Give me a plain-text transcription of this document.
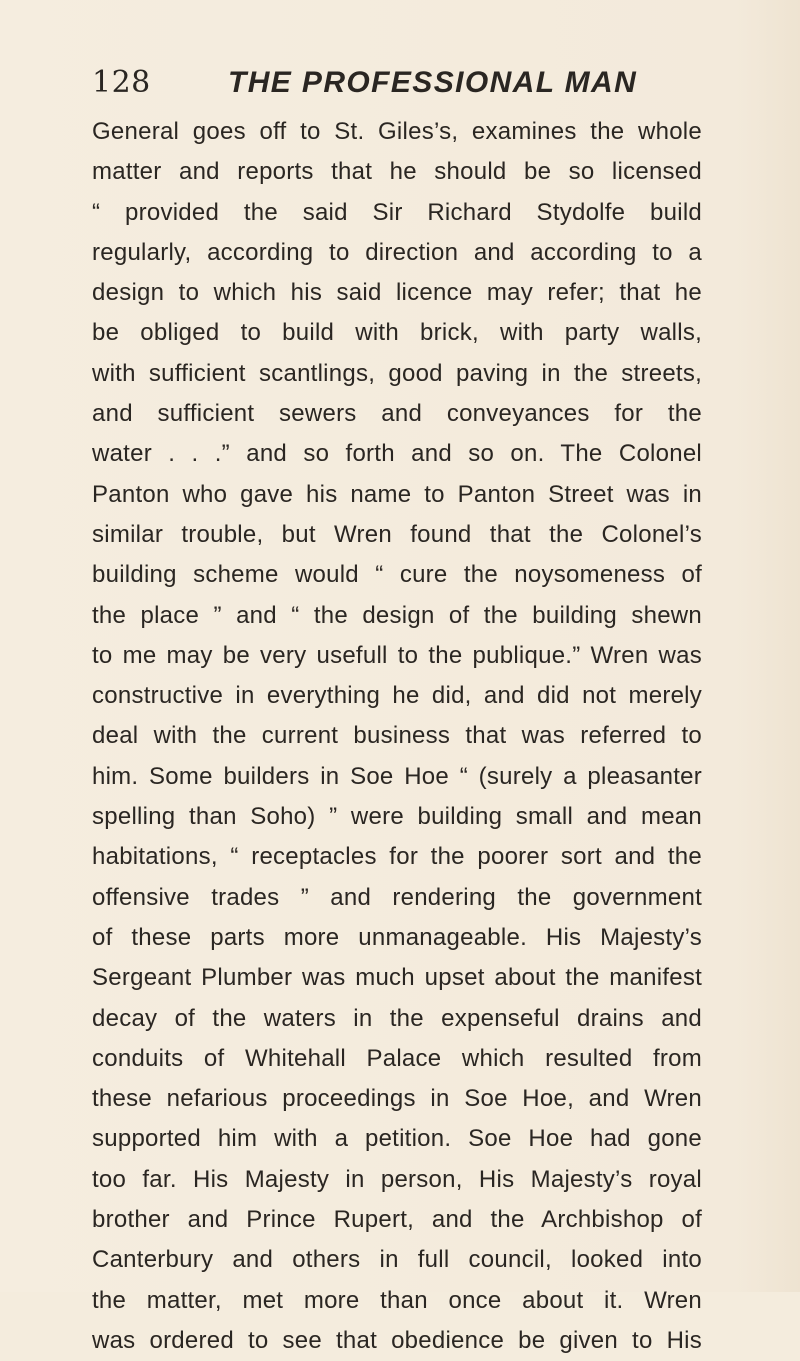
128	THE PROFESSIONAL MAN
General goes off to St. Giles’s, examines the whole
matter and reports that he should be so licensed
“ provided the said Sir Richard Stydolfe build
regularly, according to direction and according to a
design to which his said licence may refer; that he
be obliged to build with brick, with party walls,
with sufficient scantlings, good paving in the streets,
and sufficient sewers and conveyances for the
water . . .” and so forth and so on. The Colonel
Panton who gave his name to Panton Street was in
similar trouble, but Wren found that the Colonel’s
building scheme would “ cure the noysomeness of
the place ” and “ the design of the building shewn
to me may be very usefull to the publique.” Wren was
constructive in everything he did, and did not merely
deal with the current business that was referred to
him. Some builders in Soe Hoe “ (surely a pleasanter
spelling than Soho) ” were building small and mean
habitations, “ receptacles for the poorer sort and the
offensive trades ” and rendering the government
of these parts more unmanageable. His Majesty’s
Sergeant Plumber was much upset about the manifest
decay of the waters in the expenseful drains and
conduits of Whitehall Palace which resulted from
these nefarious proceedings in Soe Hoe, and Wren
supported him with a petition. Soe Hoe had gone
too far. His Majesty in person, His Majesty’s royal
brother and Prince Rupert, and the Archbishop of
Canterbury and others in full council, looked into
the matter, met more than once about it. Wren
was ordered to see that obedience be given to His
